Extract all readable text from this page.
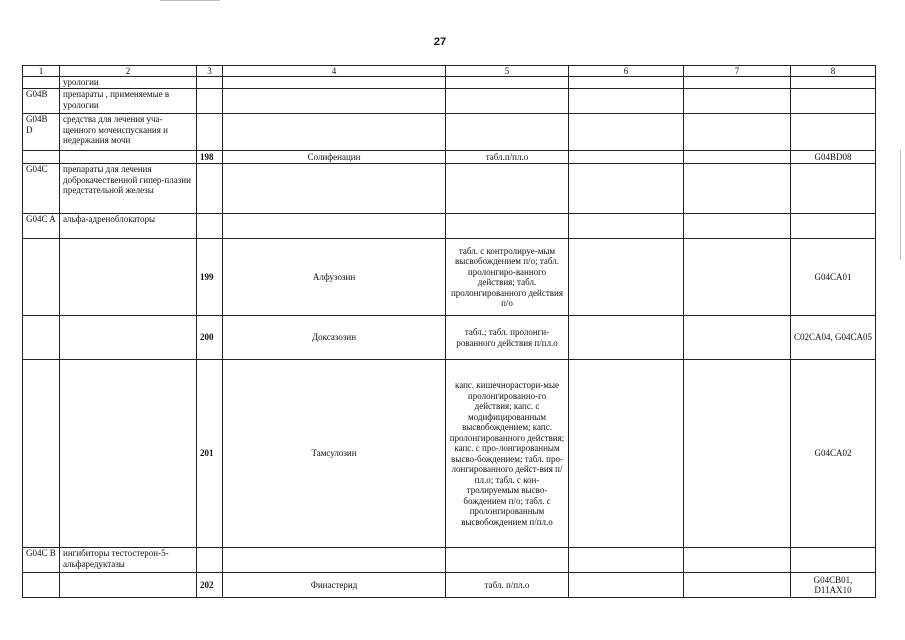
27
1	2	3	4	5	6	7	8
	урологии						
G04B	препараты , применяемые в урологии						
G04B D	средства для лечения уча-щенного мочеиспускания и недержания мочи						
		198	Солифенацин	табл.п/пл.о			G04BD08
G04C	препараты для лечения доброкачественной гипер-плазии предстательной железы						
G04C A	альфа-адреноблокаторы						
		199	Алфузозин	табл. с контролируе-мым высвобождением п/о; табл. пролонгиро-ванного действия; табл. пролонгированного действия п/о			G04CA01
		200	Доксазозин	табл.; табл. пролонги-рованного действия п/пл.о			C02CA04, G04CA05
		201	Тамсулозин	капс. кишечнорастори-мые пролонгированно-го действия; капс. с модифицированным высвобождением; капс. пролонгированного действия; капс. с про-лонгированным высво-бождением; табл. про-лонгированного дейст-вия п/пл.о; табл. с кон-тролируемым высво-бождением п/о; табл. с пролонгированным высвобождением п/пл.о			G04CA02
G04C B	ингибиторы тестостерон-5-альфаредуктазы						
		202	Финастерид	табл. п/пл.о			G04CB01, D11AX10
